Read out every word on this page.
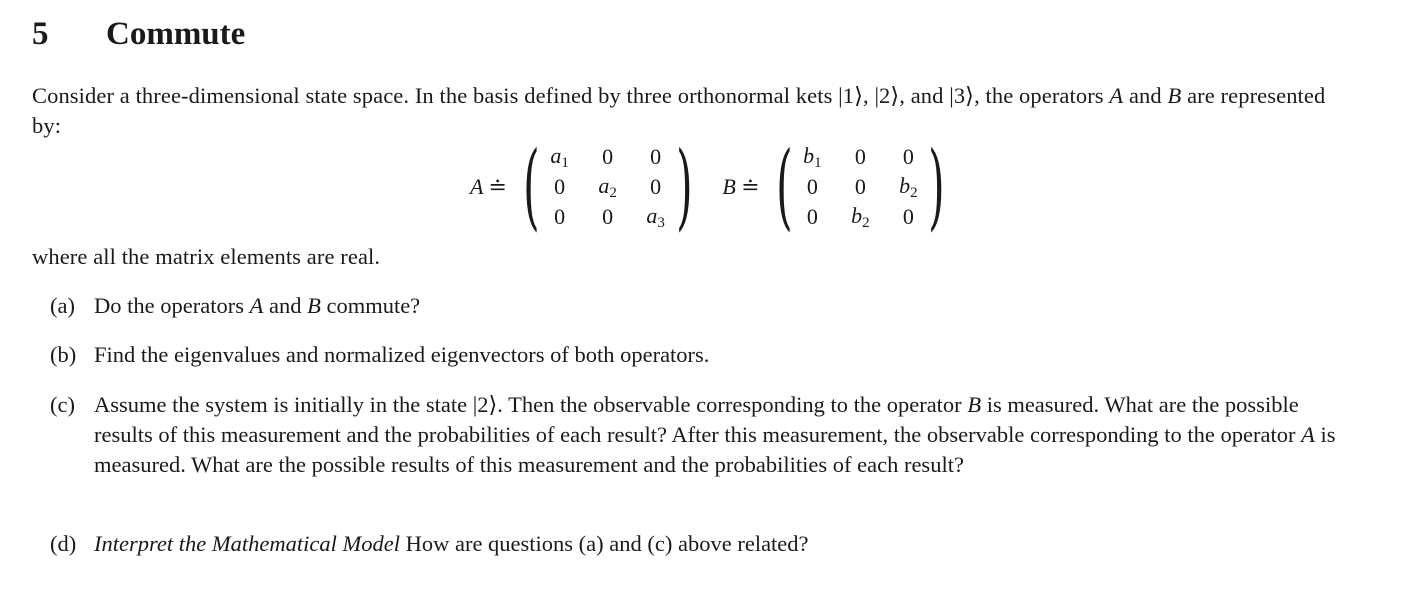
5	Commute
Consider a three-dimensional state space. In the basis defined by three orthonormal kets |1⟩, |2⟩, and |3⟩, the operators A and B are represented by:
A ≐ ( $a_1$	0	0
0	$a_2$	0
0	0	$a_3$ ) B ≐ ( $b_1$	0	0
0	0	$b_2$
0	$b_2$	0 )
where all the matrix elements are real.
(a) Do the operators A and B commute?
(b) Find the eigenvalues and normalized eigenvectors of both operators.
(c) Assume the system is initially in the state |2⟩. Then the observable corresponding to the operator B is measured. What are the possible results of this measurement and the probabilities of each result? After this measurement, the observable corresponding to the operator A is measured. What are the possible results of this measurement and the probabilities of each result?
(d) Interpret the Mathematical Model How are questions (a) and (c) above related?
